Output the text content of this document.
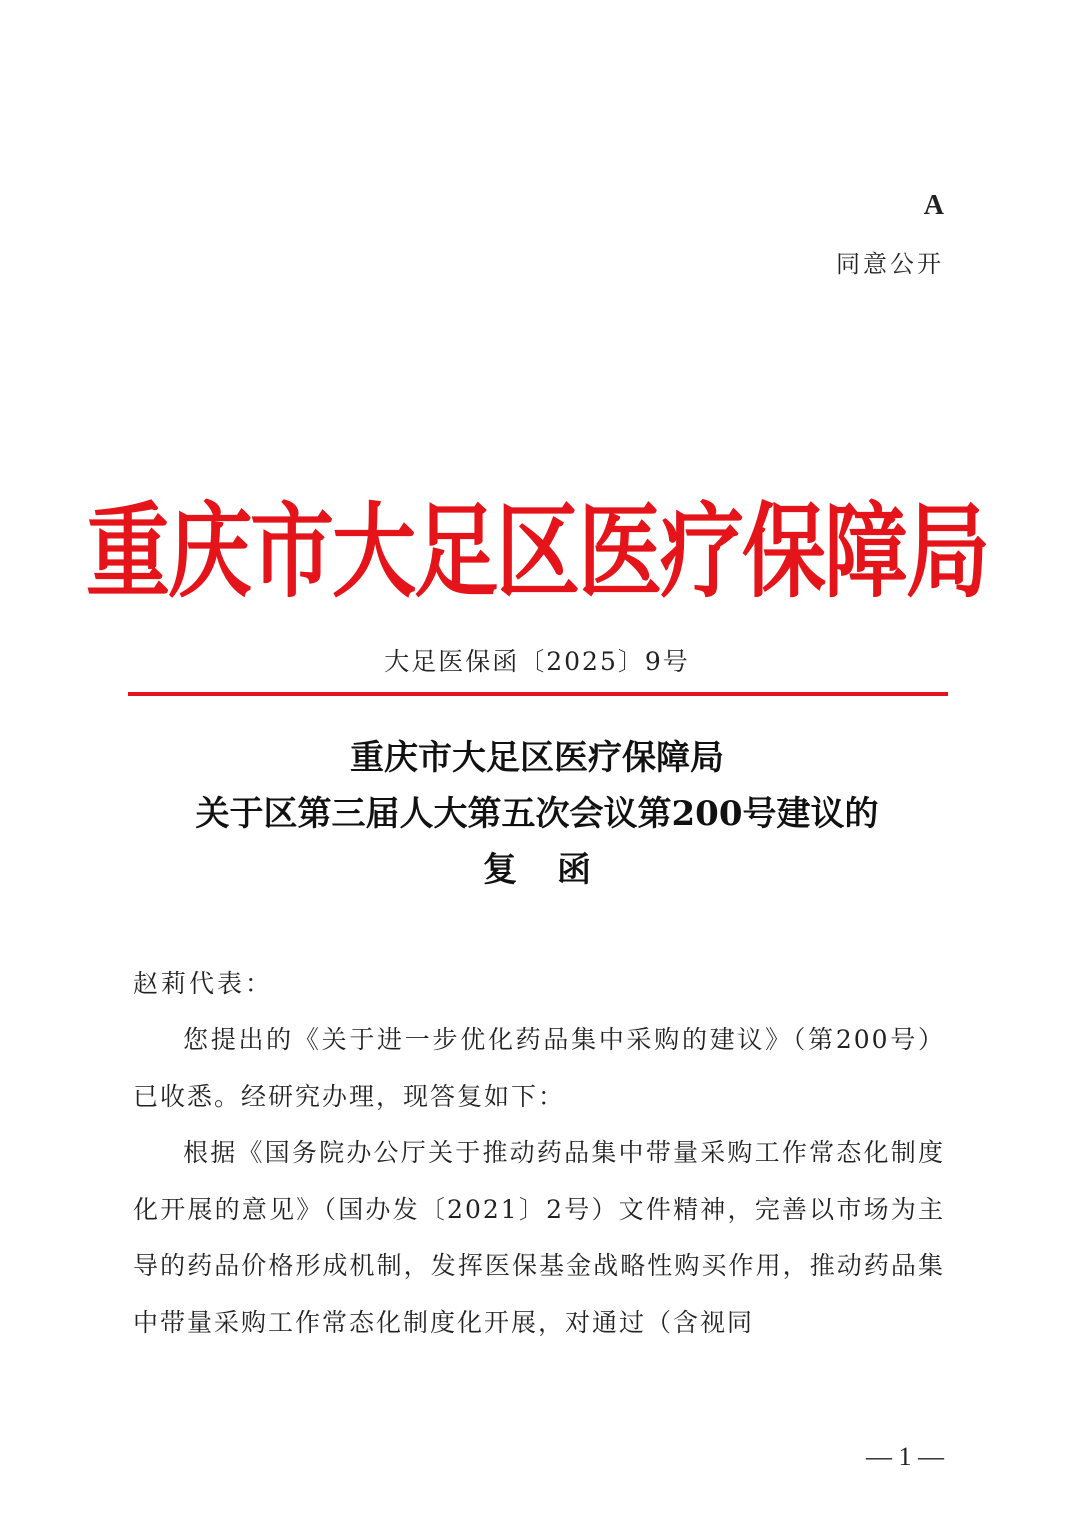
A
同意公开
重庆市大足区医疗保障局
大足医保函〔2025〕9号
重庆市大足区医疗保障局
关于区第三届人大第五次会议第200号建议的
复函
赵莉代表：

您提出的《关于进一步优化药品集中采购的建议》（第200号）已收悉。经研究办理，现答复如下：

根据《国务院办公厅关于推动药品集中带量采购工作常态化制度化开展的意见》（国办发〔2021〕2号）文件精神，完善以市场为主导的药品价格形成机制，发挥医保基金战略性购买作用，推动药品集中带量采购工作常态化制度化开展，对通过（含视同

— 1 —
